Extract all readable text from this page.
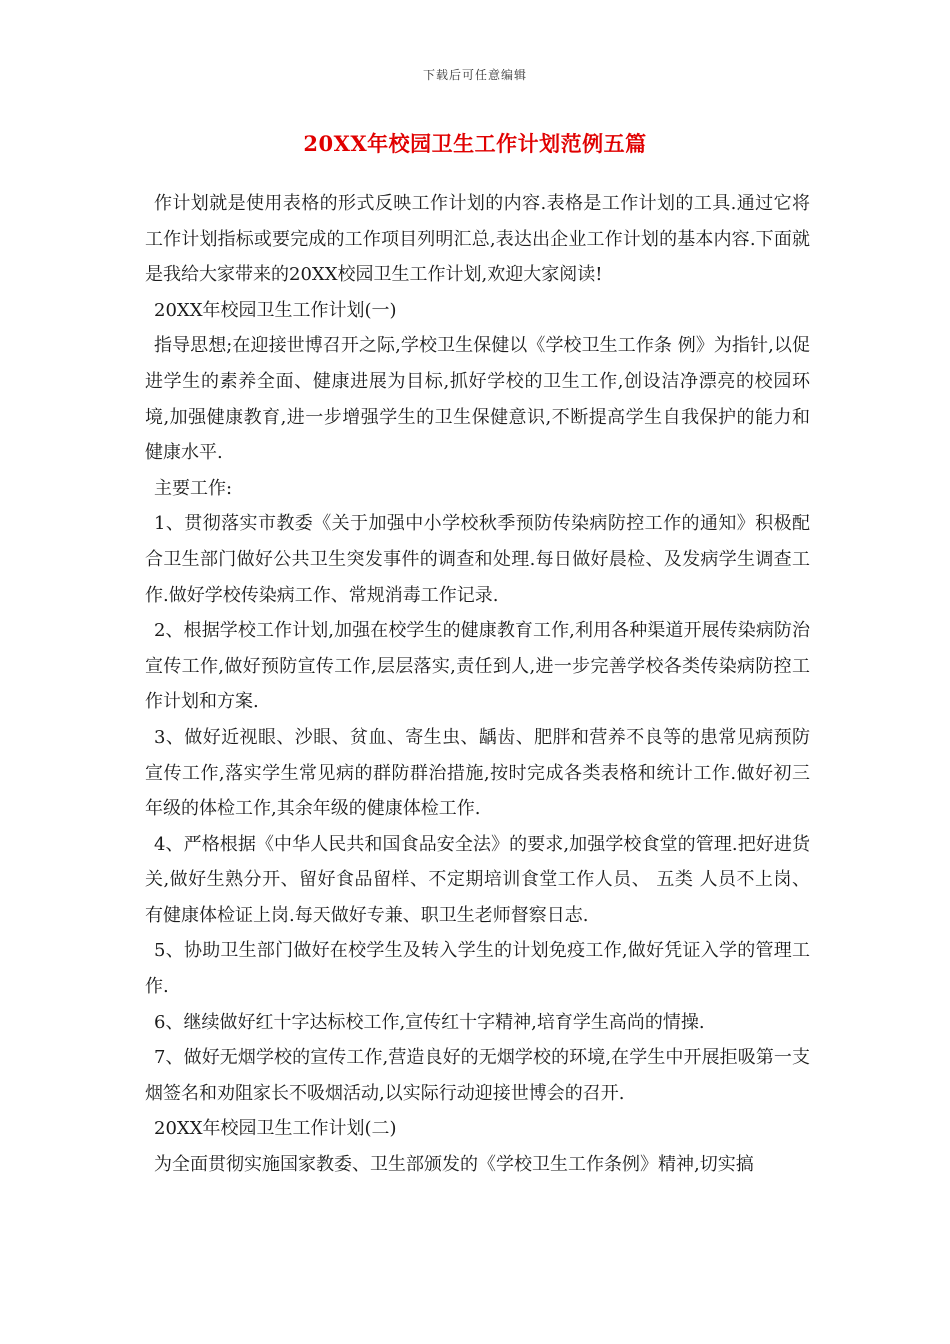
下载后可任意编辑
20XX年校园卫生工作计划范例五篇

作计划就是使用表格的形式反映工作计划的内容.表格是工作计划的工具.通过它将工作计划指标或要完成的工作项目列明汇总,表达出企业工作计划的基本内容.下面就是我给大家带来的20XX校园卫生工作计划,欢迎大家阅读!

20XX年校园卫生工作计划(一)

指导思想;在迎接世博召开之际,学校卫生保健以《学校卫生工作条 例》为指针,以促进学生的素养全面、健康进展为目标,抓好学校的卫生工作,创设洁净漂亮的校园环境,加强健康教育,进一步增强学生的卫生保健意识,不断提高学生自我保护的能力和健康水平.

主要工作:

1、贯彻落实市教委《关于加强中小学校秋季预防传染病防控工作的通知》积极配合卫生部门做好公共卫生突发事件的调查和处理.每日做好晨检、及发病学生调查工作.做好学校传染病工作、常规消毒工作记录.

2、根据学校工作计划,加强在校学生的健康教育工作,利用各种渠道开展传染病防治宣传工作,做好预防宣传工作,层层落实,责任到人,进一步完善学校各类传染病防控工作计划和方案.

3、做好近视眼、沙眼、贫血、寄生虫、龋齿、肥胖和营养不良等的患常见病预防宣传工作,落实学生常见病的群防群治措施,按时完成各类表格和统计工作.做好初三年级的体检工作,其余年级的健康体检工作.

4、严格根据《中华人民共和国食品安全法》的要求,加强学校食堂的管理.把好进货关,做好生熟分开、留好食品留样、不定期培训食堂工作人员、 五类 人员不上岗、有健康体检证上岗.每天做好专兼、职卫生老师督察日志.

5、协助卫生部门做好在校学生及转入学生的计划免疫工作,做好凭证入学的管理工作.

6、继续做好红十字达标校工作,宣传红十字精神,培育学生高尚的情操.

7、做好无烟学校的宣传工作,营造良好的无烟学校的环境,在学生中开展拒吸第一支烟签名和劝阻家长不吸烟活动,以实际行动迎接世博会的召开.

20XX年校园卫生工作计划(二)

为全面贯彻实施国家教委、卫生部颁发的《学校卫生工作条例》精神,切实搞
